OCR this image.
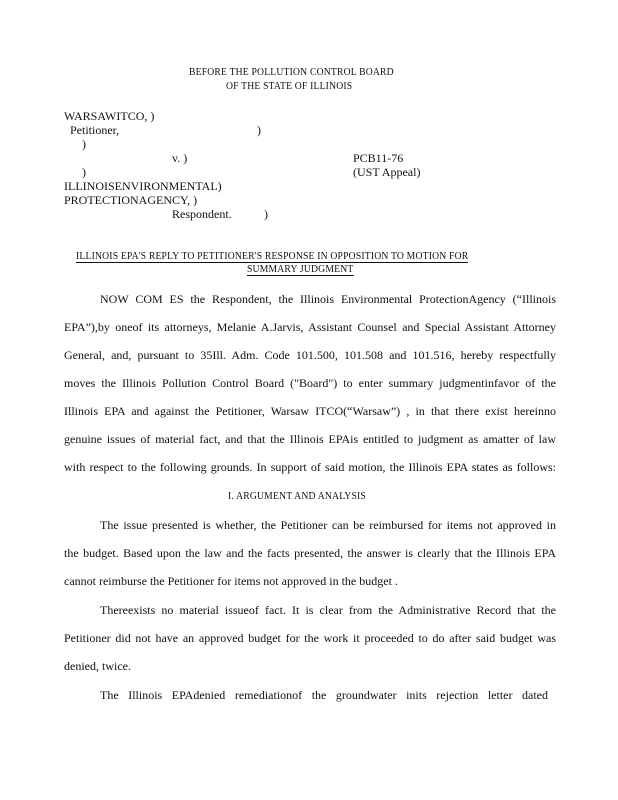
BEFORE THE POLLUTION CONTROL BOARD
OF THE STATE OF ILLINOIS
WARSAWITCO, )
Petitioner,	)
)
v. )	PCB11-76
)	(UST Appeal)
ILLINOISENVIRONMENTAL)
PROTECTIONAGENCY, )
Respondent.	)
ILLINOIS EPA'S REPLY TO PETITIONER'S RESPONSE IN OPPOSITION TO MOTION FOR
SUMMARY JUDGMENT
NOW COM ES the Respondent, the Illinois Environmental ProtectionAgency (“Illinois
EPA”),by oneof its attorneys, Melanie A.Jarvis, Assistant Counsel and Special Assistant Attorney
General, and, pursuant to 35Ill. Adm. Code 101.500, 101.508 and 101.516, hereby respectfully
moves the Illinois Pollution Control Board ("Board") to enter summary judgmentinfavor of the
Illinois EPA and against the Petitioner, Warsaw ITCO(“Warsaw”) , in that there exist hereinno
genuine issues of material fact, and that the Illinois EPAis entitled to judgment as amatter of law
with respect to the following grounds. In support of said motion, the Illinois EPA states as follows:
I. ARGUMENT AND ANALYSIS
The issue presented is whether, the Petitioner can be reimbursed for items not approved in
the budget. Based upon the law and the facts presented, the answer is clearly that the Illinois EPA
cannot reimburse the Petitioner for items not approved in the budget .
Thereexists no material issueof fact. It is clear from the Administrative Record that the
Petitioner did not have an approved budget for the work it proceeded to do after said budget was
denied, twice.
The Illinois EPAdenied remediationof the groundwater inits rejection letter dated
